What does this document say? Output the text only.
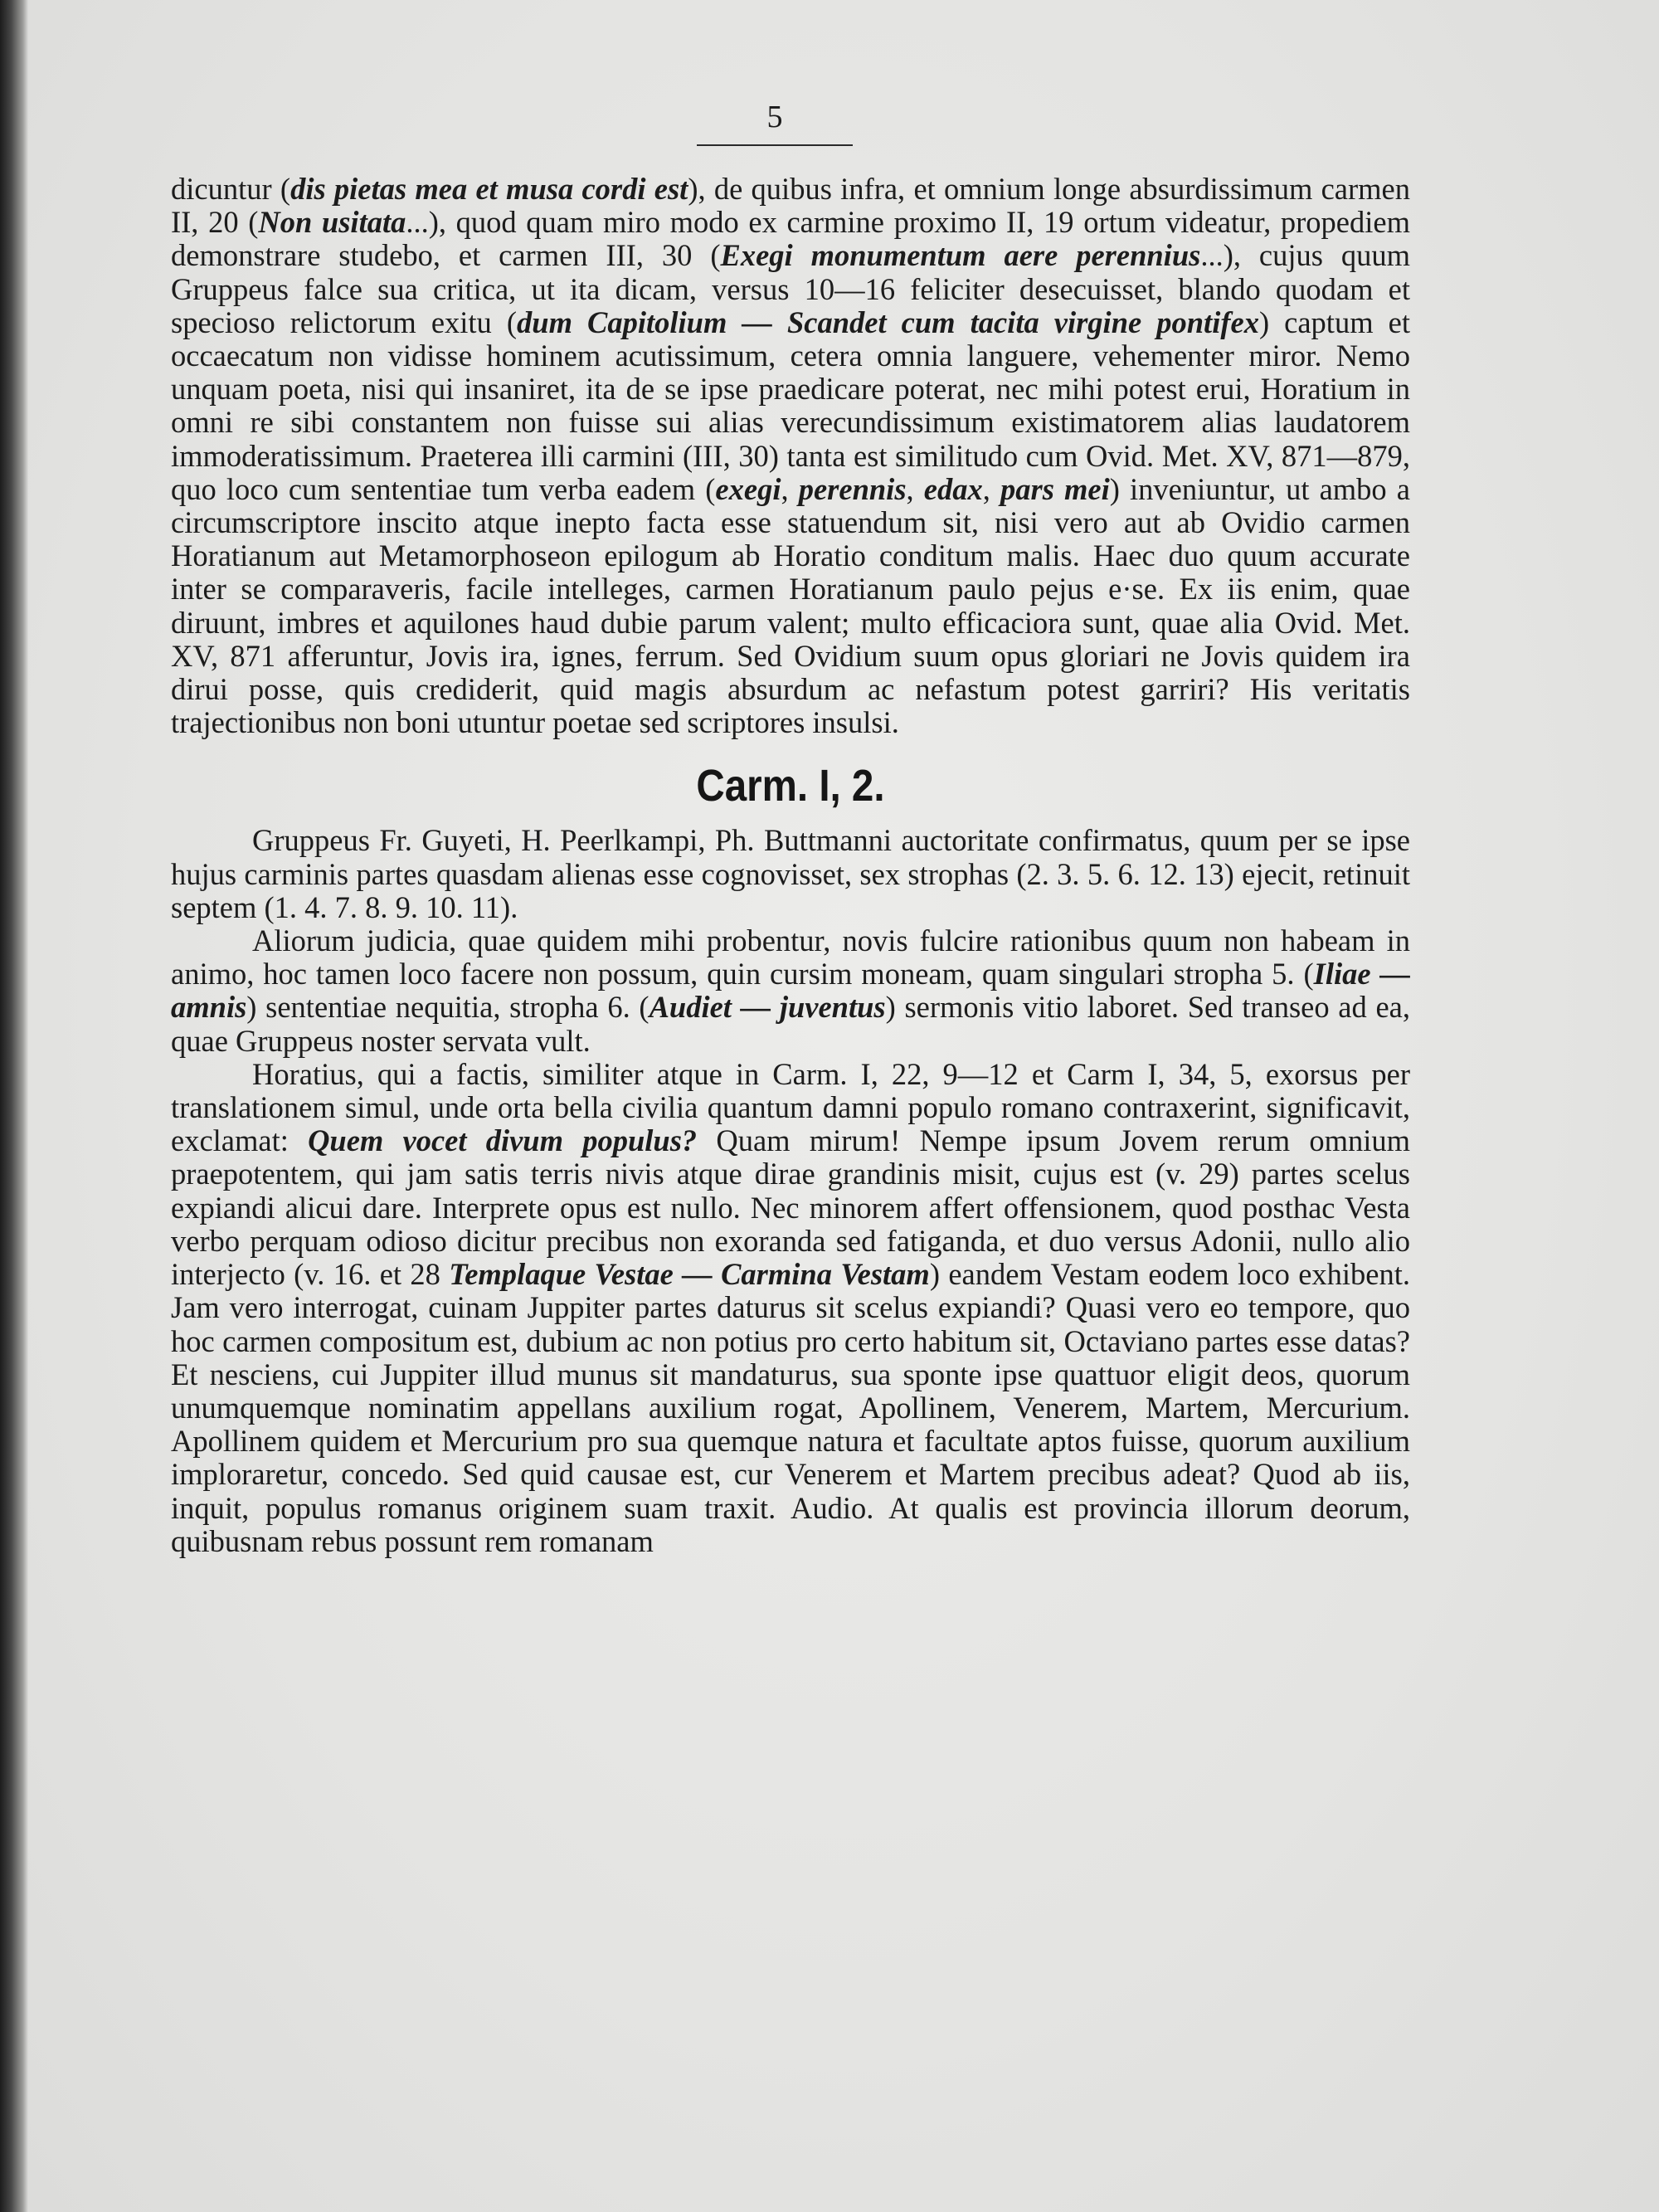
5

dicuntur (dis pietas mea et musa cordi est), de quibus infra, et omnium longe absurdissimum carmen II, 20 (Non usitata...), quod quam miro modo ex carmine proximo II, 19 ortum videatur, propediem demonstrare studebo, et carmen III, 30 (Exegi monumentum aere perennius...), cujus quum Gruppeus falce sua critica, ut ita dicam, versus 10—16 feliciter desecuisset, blando quodam et specioso relictorum exitu (dum Capitolium — Scandet cum tacita virgine pontifex) captum et occaecatum non vidisse hominem acutissimum, cetera omnia languere, vehementer miror. Nemo unquam poeta, nisi qui insaniret, ita de se ipse praedicare poterat, nec mihi potest erui, Horatium in omni re sibi constantem non fuisse sui alias verecundissimum existimatorem alias laudatorem immoderatissimum. Praeterea illi carmini (III, 30) tanta est similitudo cum Ovid. Met. XV, 871—879, quo loco cum sententiae tum verba eadem (exegi, perennis, edax, pars mei) inveniuntur, ut ambo a circumscriptore inscito atque inepto facta esse statuendum sit, nisi vero aut ab Ovidio carmen Horatianum aut Metamorphoseon epilogum ab Horatio conditum malis. Haec duo quum accurate inter se comparaveris, facile intelleges, carmen Horatianum paulo pejus e·se. Ex iis enim, quae diruunt, imbres et aquilones haud dubie parum valent; multo efficaciora sunt, quae alia Ovid. Met. XV, 871 afferuntur, Jovis ira, ignes, ferrum. Sed Ovidium suum opus gloriari ne Jovis quidem ira dirui posse, quis crediderit, quid magis absurdum ac nefastum potest garriri? His veritatis trajectionibus non boni utuntur poetae sed scriptores insulsi.

Carm. I, 2.

Gruppeus Fr. Guyeti, H. Peerlkampi, Ph. Buttmanni auctoritate confirmatus, quum per se ipse hujus carminis partes quasdam alienas esse cognovisset, sex strophas (2. 3. 5. 6. 12. 13) ejecit, retinuit septem (1. 4. 7. 8. 9. 10. 11).

Aliorum judicia, quae quidem mihi probentur, novis fulcire rationibus quum non habeam in animo, hoc tamen loco facere non possum, quin cursim moneam, quam singulari stropha 5. (Iliae — amnis) sententiae nequitia, stropha 6. (Audiet — juventus) sermonis vitio laboret. Sed transeo ad ea, quae Gruppeus noster servata vult.

Horatius, qui a factis, similiter atque in Carm. I, 22, 9—12 et Carm I, 34, 5, exorsus per translationem simul, unde orta bella civilia quantum damni populo romano contraxerint, significavit, exclamat: Quem vocet divum populus? Quam mirum! Nempe ipsum Jovem rerum omnium praepotentem, qui jam satis terris nivis atque dirae grandinis misit, cujus est (v. 29) partes scelus expiandi alicui dare. Interprete opus est nullo. Nec minorem affert offensionem, quod posthac Vesta verbo perquam odioso dicitur precibus non exoranda sed fatiganda, et duo versus Adonii, nullo alio interjecto (v. 16. et 28 Templaque Vestae — Carmina Vestam) eandem Vestam eodem loco exhibent. Jam vero interrogat, cuinam Juppiter partes daturus sit scelus expiandi? Quasi vero eo tempore, quo hoc carmen compositum est, dubium ac non potius pro certo habitum sit, Octaviano partes esse datas? Et nesciens, cui Juppiter illud munus sit mandaturus, sua sponte ipse quattuor eligit deos, quorum unumquemque nominatim appellans auxilium rogat, Apollinem, Venerem, Martem, Mercurium. Apollinem quidem et Mercurium pro sua quemque natura et facultate aptos fuisse, quorum auxilium imploraretur, concedo. Sed quid causae est, cur Venerem et Martem precibus adeat? Quod ab iis, inquit, populus romanus originem suam traxit. Audio. At qualis est provincia illorum deorum, quibusnam rebus possunt rem romanam
